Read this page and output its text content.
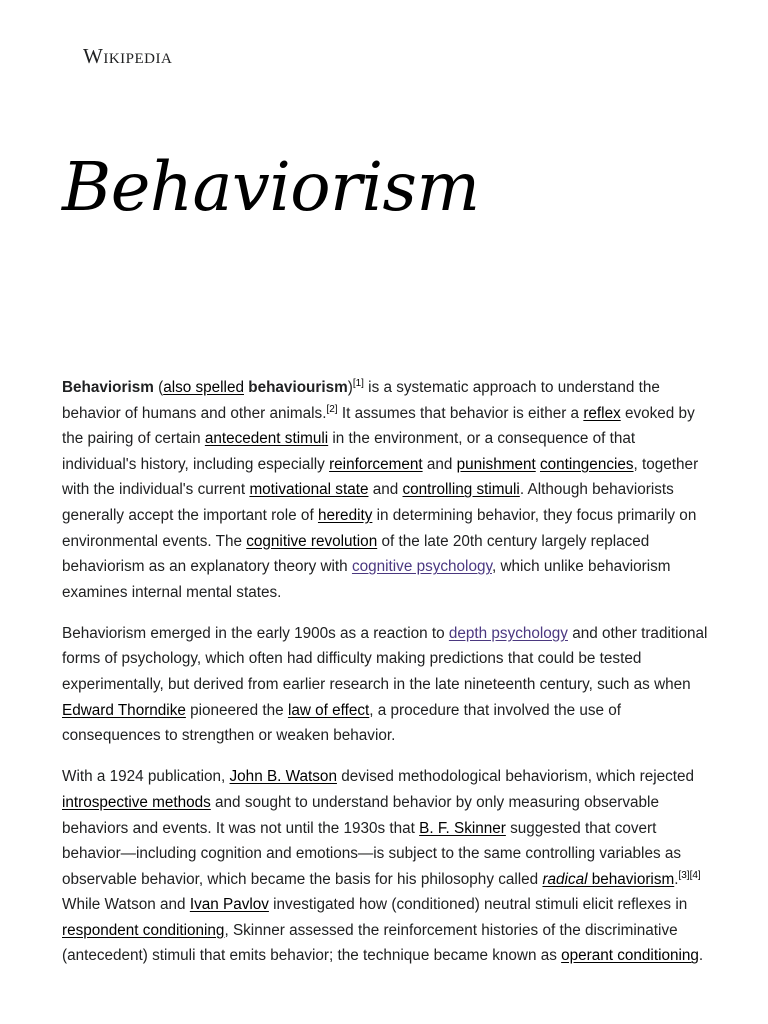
Wikipedia
Behaviorism

Behaviorism (also spelled behaviourism)[1] is a systematic approach to understand the behavior of humans and other animals.[2] It assumes that behavior is either a reflex evoked by the pairing of certain antecedent stimuli in the environment, or a consequence of that individual's history, including especially reinforcement and punishment contingencies, together with the individual's current motivational state and controlling stimuli. Although behaviorists generally accept the important role of heredity in determining behavior, they focus primarily on environmental events. The cognitive revolution of the late 20th century largely replaced behaviorism as an explanatory theory with cognitive psychology, which unlike behaviorism examines internal mental states.

Behaviorism emerged in the early 1900s as a reaction to depth psychology and other traditional forms of psychology, which often had difficulty making predictions that could be tested experimentally, but derived from earlier research in the late nineteenth century, such as when Edward Thorndike pioneered the law of effect, a procedure that involved the use of consequences to strengthen or weaken behavior.

With a 1924 publication, John B. Watson devised methodological behaviorism, which rejected introspective methods and sought to understand behavior by only measuring observable behaviors and events. It was not until the 1930s that B. F. Skinner suggested that covert behavior—including cognition and emotions—is subject to the same controlling variables as observable behavior, which became the basis for his philosophy called radical behaviorism.[3][4] While Watson and Ivan Pavlov investigated how (conditioned) neutral stimuli elicit reflexes in respondent conditioning, Skinner assessed the reinforcement histories of the discriminative (antecedent) stimuli that emits behavior; the technique became known as operant conditioning.
